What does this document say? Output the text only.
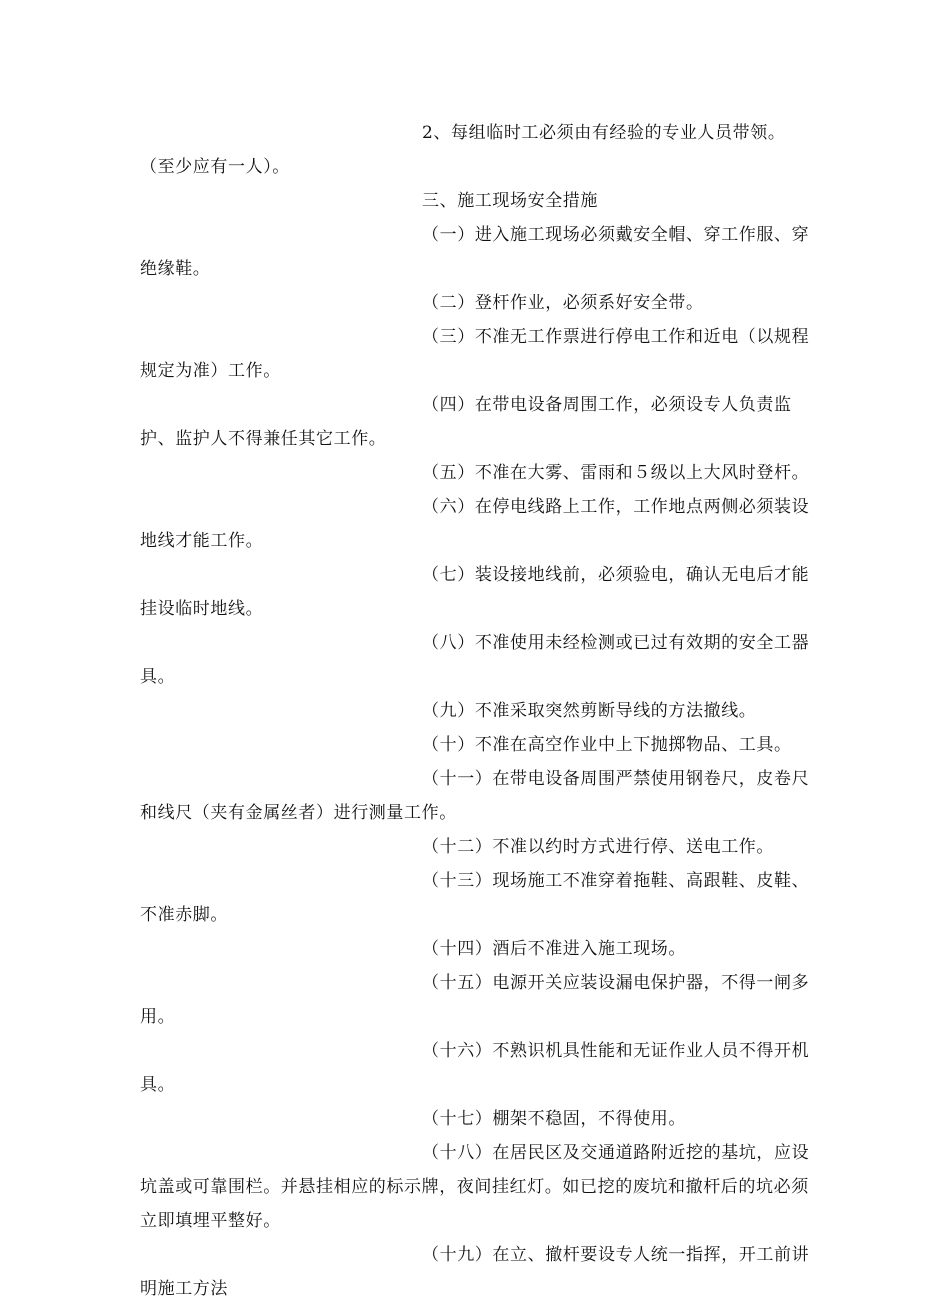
2、每组临时工必须由有经验的专业人员带领。（至少应有一人）。

三、施工现场安全措施

（一）进入施工现场必须戴安全帽、穿工作服、穿绝缘鞋。

（二）登杆作业，必须系好安全带。

（三）不准无工作票进行停电工作和近电（以规程规定为准）工作。

（四）在带电设备周围工作，必须设专人负责监护、监护人不得兼任其它工作。

（五）不准在大雾、雷雨和５级以上大风时登杆。

（六）在停电线路上工作，工作地点两侧必须装设地线才能工作。

（七）装设接地线前，必须验电，确认无电后才能挂设临时地线。

（八）不准使用未经检测或已过有效期的安全工器具。

（九）不准采取突然剪断导线的方法撤线。

（十）不准在高空作业中上下抛掷物品、工具。

（十一）在带电设备周围严禁使用钢卷尺，皮卷尺和线尺（夹有金属丝者）进行测量工作。

（十二）不准以约时方式进行停、送电工作。

（十三）现场施工不准穿着拖鞋、高跟鞋、皮鞋、不准赤脚。

（十四）酒后不准进入施工现场。

（十五）电源开关应装设漏电保护器，不得一闸多用。

（十六）不熟识机具性能和无证作业人员不得开机具。

（十七）棚架不稳固，不得使用。

（十八）在居民区及交通道路附近挖的基坑，应设坑盖或可靠围栏。并悬挂相应的标示牌，夜间挂红灯。如已挖的废坑和撤杆后的坑必须立即填埋平整好。

（十九）在立、撤杆要设专人统一指挥，开工前讲明施工方法
